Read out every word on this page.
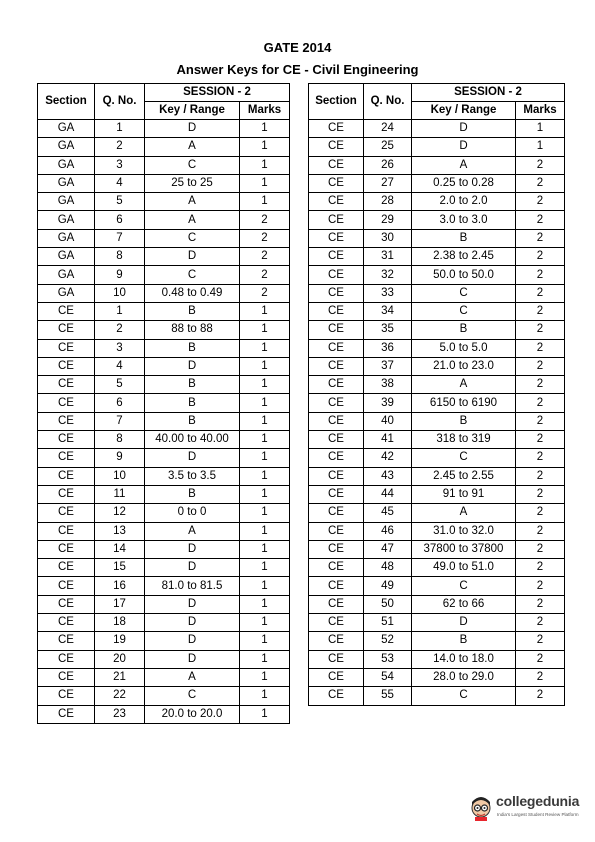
GATE 2014
Answer Keys for CE - Civil Engineering
Section	Q. No.	SESSION - 2	
		Key / Range	Marks
GA	1	D	1
GA	2	A	1
GA	3	C	1
GA	4	25 to 25	1
GA	5	A	1
GA	6	A	2
GA	7	C	2
GA	8	D	2
GA	9	C	2
GA	10	0.48 to 0.49	2
CE	1	B	1
CE	2	88 to 88	1
CE	3	B	1
CE	4	D	1
CE	5	B	1
CE	6	B	1
CE	7	B	1
CE	8	40.00 to 40.00	1
CE	9	D	1
CE	10	3.5 to 3.5	1
CE	11	B	1
CE	12	0 to 0	1
CE	13	A	1
CE	14	D	1
CE	15	D	1
CE	16	81.0 to 81.5	1
CE	17	D	1
CE	18	D	1
CE	19	D	1
CE	20	D	1
CE	21	A	1
CE	22	C	1
CE	23	20.0 to 20.0	1
Section	Q. No.	SESSION - 2	
		Key / Range	Marks
CE	24	D	1
CE	25	D	1
CE	26	A	2
CE	27	0.25 to 0.28	2
CE	28	2.0 to 2.0	2
CE	29	3.0 to 3.0	2
CE	30	B	2
CE	31	2.38 to 2.45	2
CE	32	50.0 to 50.0	2
CE	33	C	2
CE	34	C	2
CE	35	B	2
CE	36	5.0 to 5.0	2
CE	37	21.0 to 23.0	2
CE	38	A	2
CE	39	6150 to 6190	2
CE	40	B	2
CE	41	318 to 319	2
CE	42	C	2
CE	43	2.45 to 2.55	2
CE	44	91 to 91	2
CE	45	A	2
CE	46	31.0 to 32.0	2
CE	47	37800 to 37800	2
CE	48	49.0 to 51.0	2
CE	49	C	2
CE	50	62 to 66	2
CE	51	D	2
CE	52	B	2
CE	53	14.0 to 18.0	2
CE	54	28.0 to 29.0	2
CE	55	C	2
collegedunia
India's Largest Student Review Platform
